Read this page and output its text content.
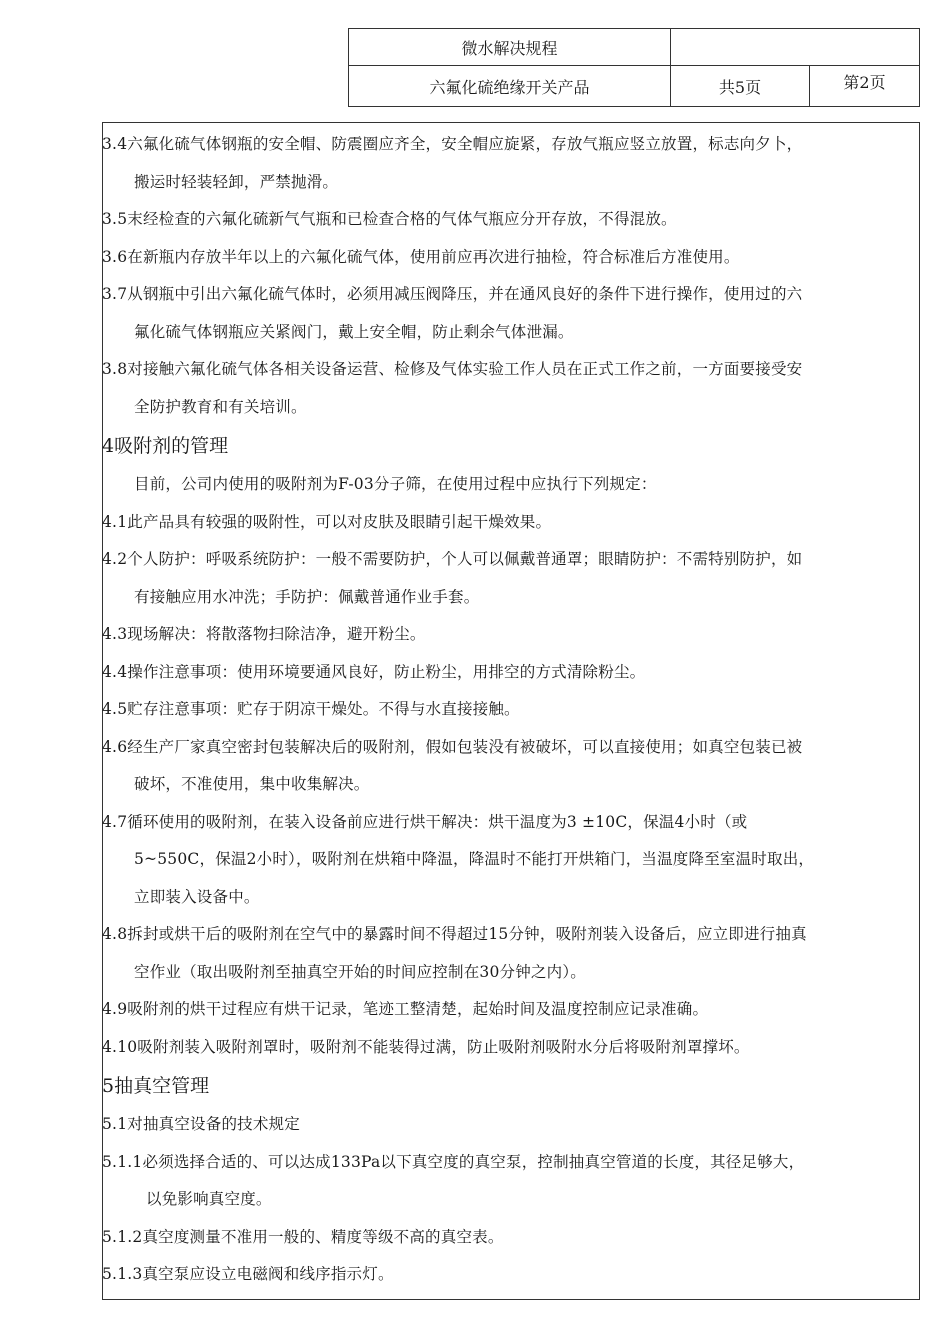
微水解决规程		
六氟化硫绝缘开关产品	共5页	第2页

3.4六氟化硫气体钢瓶的安全帽、防震圈应齐全，安全帽应旋紧，存放气瓶应竖立放置，标志向夕卜，

搬运时轻装轻卸，严禁抛滑。

3.5末经检查的六氟化硫新气气瓶和已检查合格的气体气瓶应分开存放，不得混放。

3.6在新瓶内存放半年以上的六氟化硫气体，使用前应再次进行抽检，符合标准后方准使用。

3.7从钢瓶中引出六氟化硫气体时，必须用减压阀降压，并在通风良好的条件下进行操作，使用过的六

氟化硫气体钢瓶应关紧阀门，戴上安全帽，防止剩余气体泄漏。

3.8对接触六氟化硫气体各相关设备运营、检修及气体实验工作人员在正式工作之前，一方面要接受安

全防护教育和有关培训。

4吸附剂的管理

目前，公司内使用的吸附剂为F-03分子筛，在使用过程中应执行下列规定：

4.1此产品具有较强的吸附性，可以对皮肤及眼睛引起干燥效果。

4.2个人防护：呼吸系统防护：一般不需要防护，个人可以佩戴普通罩；眼睛防护：不需特别防护，如

有接触应用水冲洗；手防护：佩戴普通作业手套。

4.3现场解决：将散落物扫除洁净，避开粉尘。

4.4操作注意事项：使用环境要通风良好，防止粉尘，用排空的方式清除粉尘。

4.5贮存注意事项：贮存于阴凉干燥处。不得与水直接接触。

4.6经生产厂家真空密封包装解决后的吸附剂，假如包装没有被破坏，可以直接使用；如真空包装已被

破坏，不准使用，集中收集解决。

4.7循环使用的吸附剂，在装入设备前应进行烘干解决：烘干温度为3 ±10C，保温4小时（或

5~550C，保温2小时），吸附剂在烘箱中降温，降温时不能打开烘箱门，当温度降至室温时取出，

立即装入设备中。

4.8拆封或烘干后的吸附剂在空气中的暴露时间不得超过15分钟，吸附剂装入设备后，应立即进行抽真

空作业（取出吸附剂至抽真空开始的时间应控制在30分钟之内）。

4.9吸附剂的烘干过程应有烘干记录，笔迹工整清楚，起始时间及温度控制应记录准确。

4.10吸附剂装入吸附剂罩时，吸附剂不能装得过满，防止吸附剂吸附水分后将吸附剂罩撑坏。

5抽真空管理

5.1对抽真空设备的技术规定

5.1.1必须选择合适的、可以达成133Pa以下真空度的真空泵，控制抽真空管道的长度，其径足够大，

以免影响真空度。

5.1.2真空度测量不准用一般的、精度等级不高的真空表。

5.1.3真空泵应设立电磁阀和线序指示灯。
